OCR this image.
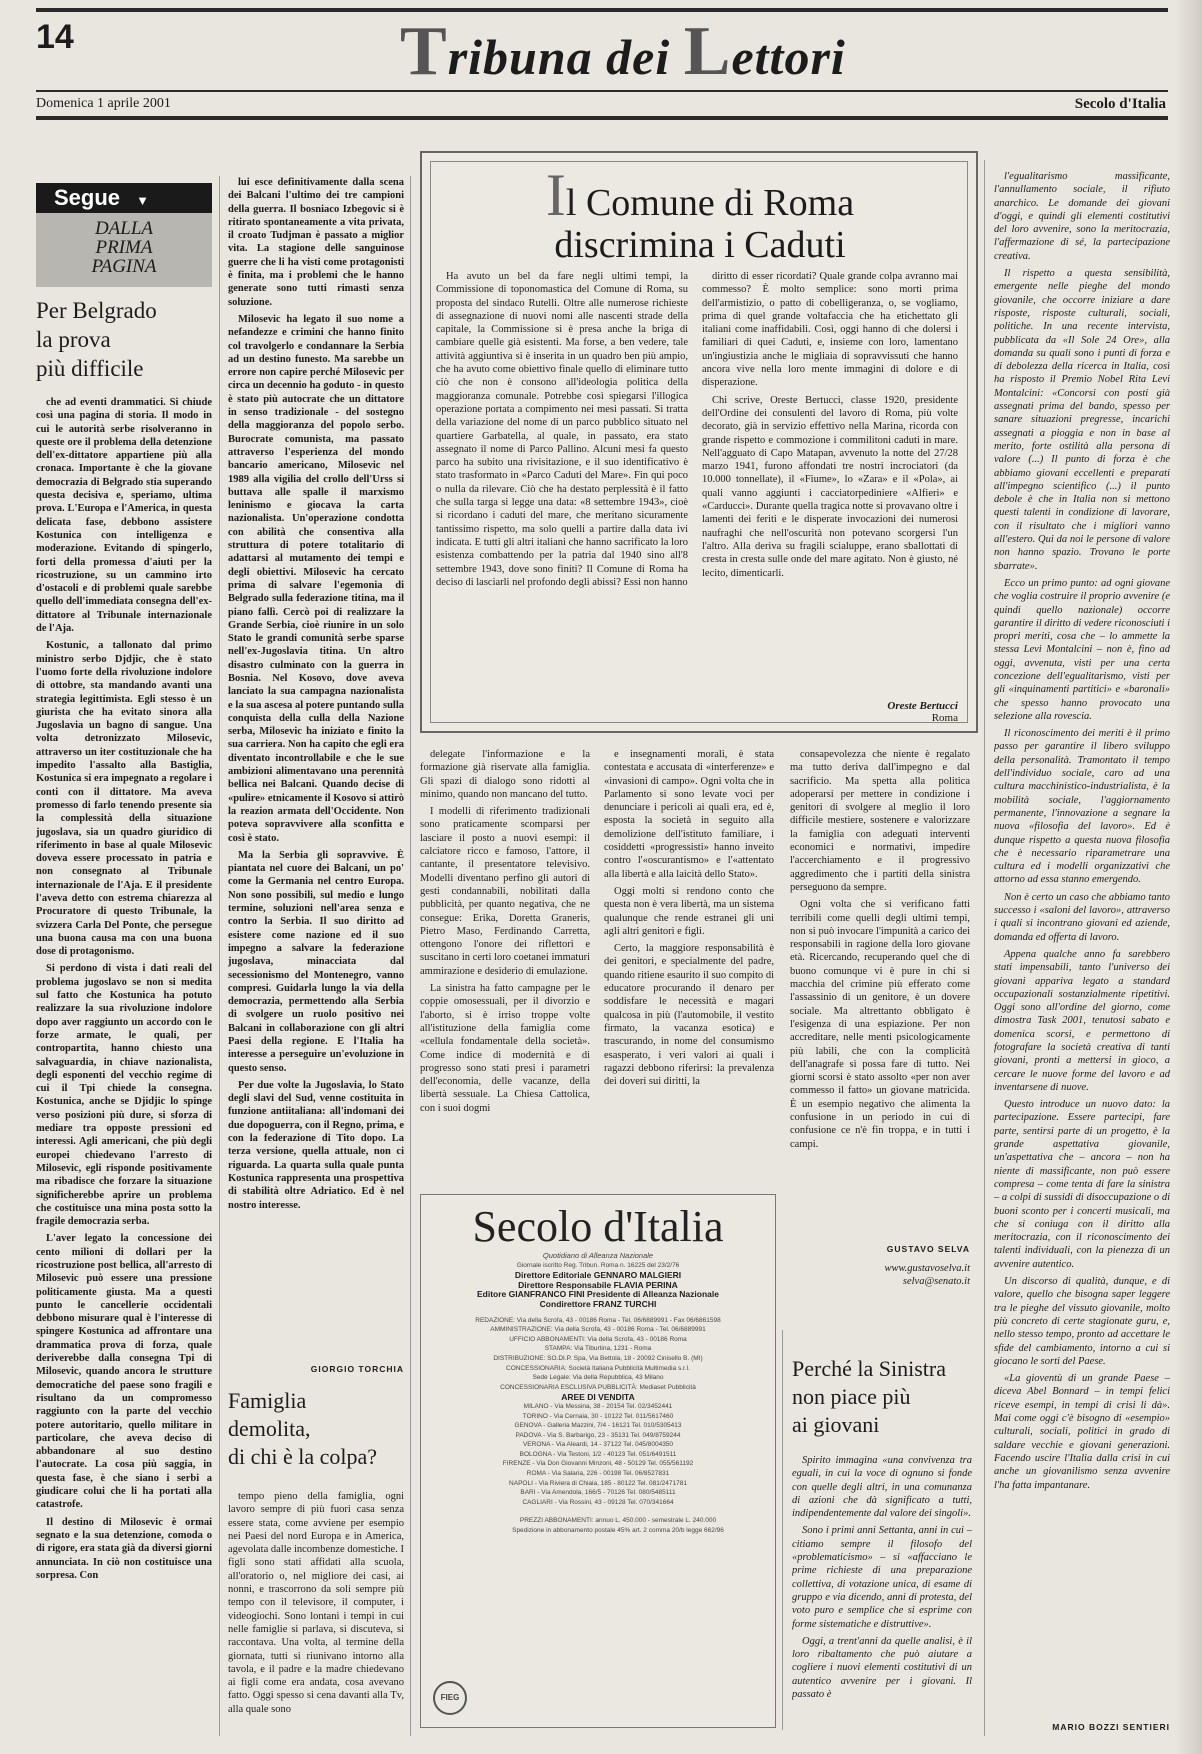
14	Tribuna dei Lettori
Domenica 1 aprile 2001	Secolo d'Italia
Segue ▼
DALLA
PRIMA
PAGINA
Per Belgrado
la prova
più difficile

che ad eventi drammatici. Si chiude così una pagina di storia. Il modo in cui le autorità serbe risolveranno in queste ore il problema della detenzione dell'ex-dittatore appartiene più alla cronaca. Importante è che la giovane democrazia di Belgrado stia superando questa decisiva e, speriamo, ultima prova. L'Europa e l'America, in questa delicata fase, debbono assistere Kostunica con intelligenza e moderazione. Evitando di spingerlo, forti della promessa d'aiuti per la ricostruzione, su un cammino irto d'ostacoli e di problemi quale sarebbe quello dell'immediata consegna dell'ex-dittatore al Tribunale internazionale de l'Aja.

Kostunic, a tallonato dal primo ministro serbo Djdjic, che è stato l'uomo forte della rivoluzione indolore di ottobre, sta mandando avanti una strategia legittimista. Egli stesso è un giurista che ha evitato sinora alla Jugoslavia un bagno di sangue. Una volta detronizzato Milosevic, attraverso un iter costituzionale che ha impedito l'assalto alla Bastiglia, Kostunica si era impegnato a regolare i conti con il dittatore. Ma aveva promesso di farlo tenendo presente sia la complessità della situazione jugoslava, sia un quadro giuridico di riferimento in base al quale Milosevic doveva essere processato in patria e non consegnato al Tribunale internazionale de l'Aja. E il presidente l'aveva detto con estrema chiarezza al Procuratore di questo Tribunale, la svizzera Carla Del Ponte, che persegue una buona causa ma con una buona dose di protagonismo.

Si perdono di vista i dati reali del problema jugoslavo se non si medita sul fatto che Kostunica ha potuto realizzare la sua rivoluzione indolore dopo aver raggiunto un accordo con le forze armate, le quali, per contropartita, hanno chiesto una salvaguardia, in chiave nazionalista, degli esponenti del vecchio regime di cui il Tpi chiede la consegna. Kostunica, anche se Djidjic lo spinge verso posizioni più dure, si sforza di mediare tra opposte pressioni ed interessi. Agli americani, che più degli europei chiedevano l'arresto di Milosevic, egli risponde positivamente ma ribadisce che forzare la situazione significherebbe aprire un problema che costituisce una mina posta sotto la fragile democrazia serba.

L'aver legato la concessione dei cento milioni di dollari per la ricostruzione post bellica, all'arresto di Milosevic può essere una pressione politicamente giusta. Ma a questi punto le cancellerie occidentali debbono misurare qual è l'interesse di spingere Kostunica ad affrontare una drammatica prova di forza, quale deriverebbe dalla consegna Tpi di Milosevic, quando ancora le strutture democratiche del paese sono fragili e risultano da un compromesso raggiunto con la parte del vecchio potere autoritario, quello militare in particolare, che aveva deciso di abbandonare al suo destino l'autocrate. La cosa più saggia, in questa fase, è che siano i serbi a giudicare colui che li ha portati alla catastrofe.

Il destino di Milosevic è ormai segnato e la sua detenzione, comoda o di rigore, era stata già da diversi giorni annunciata. In ciò non costituisce una sorpresa. Con

lui esce definitivamente dalla scena dei Balcani l'ultimo dei tre campioni della guerra. Il bosniaco Izbegovic si è ritirato spontaneamente a vita privata, il croato Tudjman è passato a miglior vita. La stagione delle sanguinose guerre che li ha visti come protagonisti è finita, ma i problemi che le hanno generate sono tutti rimasti senza soluzione.

Milosevic ha legato il suo nome a nefandezze e crimini che hanno finito col travolgerlo e condannare la Serbia ad un destino funesto. Ma sarebbe un errore non capire perché Milosevic per circa un decennio ha goduto - in questo è stato più autocrate che un dittatore in senso tradizionale - del sostegno della maggioranza del popolo serbo. Burocrate comunista, ma passato attraverso l'esperienza del mondo bancario americano, Milosevic nel 1989 alla vigilia del crollo dell'Urss si buttava alle spalle il marxismo leninismo e giocava la carta nazionalista. Un'operazione condotta con abilità che consentiva alla struttura di potere totalitario di adattarsi al mutamento dei tempi e degli obiettivi. Milosevic ha cercato prima di salvare l'egemonia di Belgrado sulla federazione titina, ma il piano fallì. Cercò poi di realizzare la Grande Serbia, cioè riunire in un solo Stato le grandi comunità serbe sparse nell'ex-Jugoslavia titina. Un altro disastro culminato con la guerra in Bosnia. Nel Kosovo, dove aveva lanciato la sua campagna nazionalista e la sua ascesa al potere puntando sulla conquista della culla della Nazione serba, Milosevic ha iniziato e finito la sua carriera. Non ha capito che egli era diventato incontrollabile e che le sue ambizioni alimentavano una perennità bellica nei Balcani. Quando decise di «pulire» etnicamente il Kosovo si attirò la reazion armata dell'Occidente. Non poteva sopravvivere alla sconfitta e così è stato.

Ma la Serbia gli sopravvive. È piantata nel cuore dei Balcani, un po' come la Germania nel centro Europa. Non sono possibili, sul medio e lungo termine, soluzioni nell'area senza e contro la Serbia. Il suo diritto ad esistere come nazione ed il suo impegno a salvare la federazione jugoslava, minacciata dal secessionismo del Montenegro, vanno compresi. Guidarla lungo la via della democrazia, permettendo alla Serbia di svolgere un ruolo positivo nei Balcani in collaborazione con gli altri Paesi della regione. E l'Italia ha interesse a perseguire un'evoluzione in questo senso.

Per due volte la Jugoslavia, lo Stato degli slavi del Sud, venne costituita in funzione antiitaliana: all'indomani dei due dopoguerra, con il Regno, prima, e con la federazione di Tito dopo. La terza versione, quella attuale, non ci riguarda. La quarta sulla quale punta Kostunica rappresenta una prospettiva di stabilità oltre Adriatico. Ed è nel nostro interesse.

GIORGIO TORCHIA
Famiglia
demolita,
di chi è la colpa?

tempo pieno della famiglia, ogni lavoro sempre di più fuori casa senza essere stata, come avviene per esempio nei Paesi del nord Europa e in America, agevolata dalle incombenze domestiche. I figli sono stati affidati alla scuola, all'oratorio o, nel migliore dei casi, ai nonni, e trascorrono da soli sempre più tempo con il televisore, il computer, i videogiochi. Sono lontani i tempi in cui nelle famiglie si parlava, si discuteva, si raccontava. Una volta, al termine della giornata, tutti si riunivano intorno alla tavola, e il padre e la madre chiedevano ai figli come era andata, cosa avevano fatto. Oggi spesso si cena davanti alla Tv, alla quale sono

Il Comune di Roma
discrimina i Caduti

Ha avuto un bel da fare negli ultimi tempi, la Commissione di toponomastica del Comune di Roma, su proposta del sindaco Rutelli. Oltre alle numerose richieste di assegnazione di nuovi nomi alle nascenti strade della capitale, la Commissione si è presa anche la briga di cambiare quelle già esistenti. Ma forse, a ben vedere, tale attività aggiuntiva si è inserita in un quadro ben più ampio, che ha avuto come obiettivo finale quello di eliminare tutto ciò che non è consono all'ideologia politica della maggioranza comunale. Potrebbe così spiegarsi l'illogica operazione portata a compimento nei mesi passati. Si tratta della variazione del nome di un parco pubblico situato nel quartiere Garbatella, al quale, in passato, era stato assegnato il nome di Parco Pallino. Alcuni mesi fa questo parco ha subito una rivisitazione, e il suo identificativo è stato trasformato in «Parco Caduti del Mare». Fin qui poco o nulla da rilevare. Ciò che ha destato perplessità è il fatto che sulla targa si legge una data: «8 settembre 1943», cioè si ricordano i caduti del mare, che meritano sicuramente tantissimo rispetto, ma solo quelli a partire dalla data ivi indicata. E tutti gli altri italiani che hanno sacrificato la loro esistenza combattendo per la patria dal 1940 sino all'8 settembre 1943, dove sono finiti? Il Comune di Roma ha deciso di lasciarli nel profondo degli abissi? Essi non hanno

diritto di esser ricordati? Quale grande colpa avranno mai commesso? È molto semplice: sono morti prima dell'armistizio, o patto di cobelligeranza, o, se vogliamo, prima di quel grande voltafaccia che ha etichettato gli italiani come inaffidabili. Così, oggi hanno di che dolersi i familiari di quei Caduti, e, insieme con loro, lamentano un'ingiustizia anche le migliaia di sopravvissuti che hanno ancora vive nella loro mente immagini di dolore e di disperazione.

Chi scrive, Oreste Bertucci, classe 1920, presidente dell'Ordine dei consulenti del lavoro di Roma, più volte decorato, già in servizio effettivo nella Marina, ricorda con grande rispetto e commozione i commilitoni caduti in mare. Nell'agguato di Capo Matapan, avvenuto la notte del 27/28 marzo 1941, furono affondati tre nostri incrociatori (da 10.000 tonnellate), il «Fiume», lo «Zara» e il «Pola», ai quali vanno aggiunti i cacciatorpediniere «Alfieri» e «Carducci». Durante quella tragica notte si provavano oltre i lamenti dei feriti e le disperate invocazioni dei numerosi naufraghi che nell'oscurità non potevano scorgersi l'un l'altro. Alla deriva su fragili scialuppe, erano sballottati di cresta in cresta sulle onde del mare agitato. Non è giusto, né lecito, dimenticarli.

Oreste Bertucci
Roma

delegate l'informazione e la formazione già riservate alla famiglia. Gli spazi di dialogo sono ridotti al minimo, quando non mancano del tutto.

I modelli di riferimento tradizionali sono praticamente scomparsi per lasciare il posto a nuovi esempi: il calciatore ricco e famoso, l'attore, il cantante, il presentatore televisivo. Modelli diventano perfino gli autori di gesti condannabili, nobilitati dalla pubblicità, per quanto negativa, che ne consegue: Erika, Doretta Graneris, Pietro Maso, Ferdinando Carretta, ottengono l'onore dei riflettori e suscitano in certi loro coetanei immaturi ammirazione e desiderio di emulazione.

La sinistra ha fatto campagne per le coppie omosessuali, per il divorzio e l'aborto, si è irriso troppe volte all'istituzione della famiglia come «cellula fondamentale della società». Come indice di modernità e di progresso sono stati presi i parametri dell'economia, delle vacanze, della libertà sessuale. La Chiesa Cattolica, con i suoi dogmi

e insegnamenti morali, è stata contestata e accusata di «interferenze» e «invasioni di campo». Ogni volta che in Parlamento si sono levate voci per denunciare i pericoli ai quali era, ed è, esposta la società in seguito alla demolizione dell'istituto familiare, i cosiddetti «progressisti» hanno inveito contro l'«oscurantismo» e l'«attentato alla libertà e alla laicità dello Stato».

Oggi molti si rendono conto che questa non è vera libertà, ma un sistema qualunque che rende estranei gli uni agli altri genitori e figli.

Certo, la maggiore responsabilità è dei genitori, e specialmente del padre, quando ritiene esaurito il suo compito di educatore procurando il denaro per soddisfare le necessità e magari qualcosa in più (l'automobile, il vestito firmato, la vacanza esotica) e trascurando, in nome del consumismo esasperato, i veri valori ai quali i ragazzi debbono riferirsi: la prevalenza dei doveri sui diritti, la

consapevolezza che niente è regalato ma tutto deriva dall'impegno e dal sacrificio. Ma spetta alla politica adoperarsi per mettere in condizione i genitori di svolgere al meglio il loro difficile mestiere, sostenere e valorizzare la famiglia con adeguati interventi economici e normativi, impedire l'accerchiamento e il progressivo aggredimento che i partiti della sinistra perseguono da sempre.

Ogni volta che si verificano fatti terribili come quelli degli ultimi tempi, non si può invocare l'impunità a carico dei responsabili in ragione della loro giovane età. Ricercando, recuperando quel che di buono comunque vi è pure in chi si macchia del crimine più efferato come l'assassinio di un genitore, è un dovere sociale. Ma altrettanto obbligato è l'esigenza di una espiazione. Per non accreditare, nelle menti psicologicamente più labili, che con la complicità dell'anagrafe si possa fare di tutto. Nei giorni scorsi è stato assolto «per non aver commesso il fatto» un giovane matricida. È un esempio negativo che alimenta la confusione in un periodo in cui di confusione ce n'è fin troppa, e in tutti i campi.

GUSTAVO SELVA
www.gustavoselva.it
selva@senato.it
Secolo d'Italia
Quotidiano di Alleanza Nazionale
Giornale iscritto Reg. Tribun. Roma n. 16225 del 23/2/76
Direttore Editoriale GENNARO MALGIERI
Direttore Responsabile FLAVIA PERINA
Editore GIANFRANCO FINI Presidente di Alleanza Nazionale
Condirettore FRANZ TURCHI
REDAZIONE: Via della Scrofa, 43 - 00186 Roma - Tel. 06/6889991 - Fax 06/6861598
AMMINISTRAZIONE: Via della Scrofa, 43 - 00186 Roma - Tel. 06/6889991
UFFICIO ABBONAMENTI: Via della Scrofa, 43 - 00186 Roma
STAMPA: Via Tiburtina, 1231 - Roma
DISTRIBUZIONE: SO.DI.P. Spa, Via Bettola, 18 - 20092 Cinisello B. (MI)
CONCESSIONARIA: Società Italiana Pubblicità Multimedia s.r.l.
Sede Legale: Via della Repubblica, 43 Milano
CONCESSIONARIA ESCLUSIVA PUBBLICITÀ: Mediaset Pubblicità
AREE DI VENDITA
MILANO - Via Messina, 38 - 20154 Tel. 02/3452441
TORINO - Via Cernaia, 30 - 10122 Tel. 011/5617460
GENOVA - Galleria Mazzini, 7/4 - 16121 Tel. 010/5305413
PADOVA - Via S. Barbarigo, 23 - 35131 Tel. 049/8759244
VERONA - Via Aleardi, 14 - 37122 Tel. 045/8004350
BOLOGNA - Via Testoni, 1/2 - 40123 Tel. 051/6491511
FIRENZE - Via Don Giovanni Minzoni, 48 - 50129 Tel. 055/561192
ROMA - Via Salaria, 226 - 00198 Tel. 06/8527831
NAPOLI - Via Riviera di Chiaia, 185 - 80122 Tel. 081/2471781
BARI - Via Amendola, 166/5 - 70126 Tel. 080/5485111
CAGLIARI - Via Rossini, 43 - 09128 Tel. 070/341664
PREZZI ABBONAMENTI: annuo L. 450.000 - semestrale L. 240.000
Spedizione in abbonamento postale 45% art. 2 comma 20/b legge 662/96
FIEG
Perché la Sinistra
non piace più
ai giovani

Spirito immagina «una convivenza tra eguali, in cui la voce di ognuno si fonde con quelle degli altri, in una comunanza di azioni che dà significato a tutti, indipendentemente dal valore dei singoli».

Sono i primi anni Settanta, anni in cui – citiamo sempre il filosofo del «problematicismo» – si «affacciano le prime richieste di una preparazione collettiva, di votazione unica, di esame di gruppo e via dicendo, anni di protesta, del voto puro e semplice che si esprime con forme sistematiche e distruttive».

Oggi, a trent'anni da quelle analisi, è il loro ribaltamento che può aiutare a cogliere i nuovi elementi costitutivi di un autentico avvenire per i giovani. Il passato è

l'egualitarismo massificante, l'annullamento sociale, il rifiuto anarchico. Le domande dei giovani d'oggi, e quindi gli elementi costitutivi del loro avvenire, sono la meritocrazia, l'affermazione di sé, la partecipazione creativa.

Il rispetto a questa sensibilità, emergente nelle pieghe del mondo giovanile, che occorre iniziare a dare risposte, risposte culturali, sociali, politiche. In una recente intervista, pubblicata da «Il Sole 24 Ore», alla domanda su quali sono i punti di forza e di debolezza della ricerca in Italia, così ha risposto il Premio Nobel Rita Levi Montalcini: «Concorsi con posti già assegnati prima del bando, spesso per sanare situazioni pregresse, incarichi assegnati a pioggia e non in base al merito, forte ostilità alla persona di valore (...) Il punto di forza è che abbiamo giovani eccellenti e preparati all'impegno scientifico (...) il punto debole è che in Italia non si mettono questi talenti in condizione di lavorare, con il risultato che i migliori vanno all'estero. Qui da noi le persone di valore non hanno spazio. Trovano le porte sbarrate».

Ecco un primo punto: ad ogni giovane che voglia costruire il proprio avvenire (e quindi quello nazionale) occorre garantire il diritto di vedere riconosciuti i propri meriti, cosa che – lo ammette la stessa Levi Montalcini – non è, fino ad oggi, avvenuta, visti per una certa concezione dell'egualitarismo, visti per gli «inquinamenti partitici» e «baronali» che spesso hanno provocato una selezione alla rovescia.

Il riconoscimento dei meriti è il primo passo per garantire il libero sviluppo della personalità. Tramontato il tempo dell'individuo sociale, caro ad una cultura macchinistico-industrialista, è la mobilità sociale, l'aggiornamento permanente, l'innovazione a segnare la nuova «filosofia del lavoro». Ed è dunque rispetto a questa nuova filosofia che è necessario riparametrare una cultura ed i modelli organizzativi che attorno ad essa stanno emergendo.

Non è certo un caso che abbiamo tanto successo i «saloni del lavoro», attraverso i quali si incontrano giovani ed aziende, domanda ed offerta di lavoro.

Appena qualche anno fa sarebbero stati impensabili, tanto l'universo dei giovani appariva legato a standard occupazionali sostanzialmente ripetitivi. Oggi sono all'ordine del giorno, come dimostra Task 2001, tenutosi sabato e domenica scorsi, e permettono di fotografare la società creativa di tanti giovani, pronti a mettersi in gioco, a cercare le nuove forme del lavoro e ad inventarsene di nuove.

Questo introduce un nuovo dato: la partecipazione. Essere partecipi, fare parte, sentirsi parte di un progetto, è la grande aspettativa giovanile, un'aspettativa che – ancora – non ha niente di massificante, non può essere compresa – come tenta di fare la sinistra – a colpi di sussidi di disoccupazione o di buoni sconto per i concerti musicali, ma che si coniuga con il diritto alla meritocrazia, con il riconoscimento dei talenti individuali, con la pienezza di un avvenire autentico.

Un discorso di qualità, dunque, e di valore, quello che bisogna saper leggere tra le pieghe del vissuto giovanile, molto più concreto di certe stagionate guru, e, nello stesso tempo, pronto ad accettare le sfide del cambiamento, intorno a cui si giocano le sorti del Paese.

«La gioventù di un grande Paese – diceva Abel Bonnard – in tempi felici riceve esempi, in tempi di crisi li dà». Mai come oggi c'è bisogno di «esempio» culturali, sociali, politici in grado di saldare vecchie e giovani generazioni. Facendo uscire l'Italia dalla crisi in cui anche un giovanilismo senza avvenire l'ha fatta impantanare.

MARIO BOZZI SENTIERI
